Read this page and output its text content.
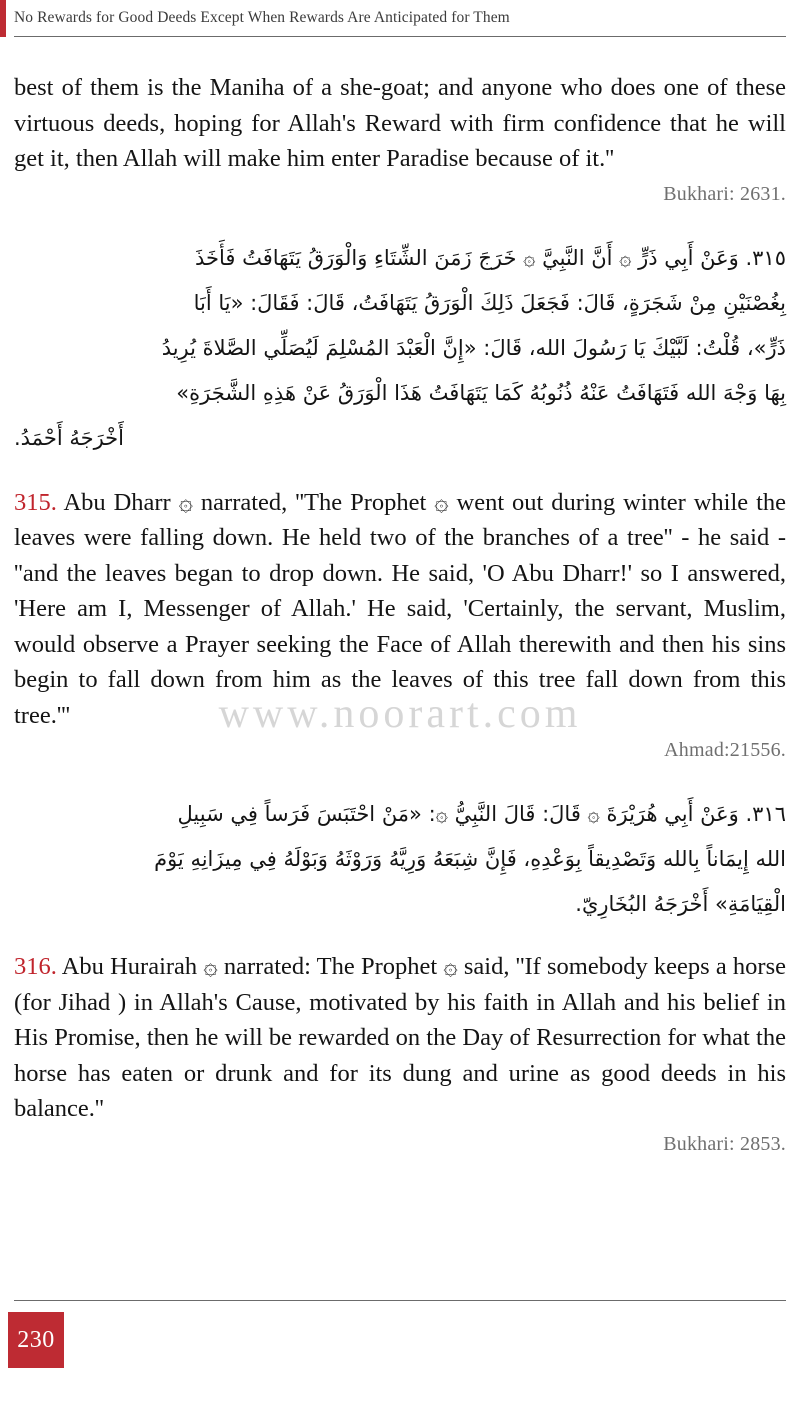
No Rewards for Good Deeds Except When Rewards Are Anticipated for Them

best of them is the Maniha of a she-goat; and anyone who does one of these virtuous deeds, hoping for Allah's Reward with firm confidence that he will get it, then Allah will make him enter Paradise because of it.''

Bukhari: 2631.

٣١٥. وَعَنْ أَبِي ذَرٍّ ۞ أَنَّ النَّبِيَّ ۞ خَرَجَ زَمَنَ الشِّتَاءِ وَالْوَرَقُ يَتَهَافَتُ فَأَخَذَ
بِغُصْنَيْنِ مِنْ شَجَرَةٍ، قَالَ: فَجَعَلَ ذَلِكَ الْوَرَقُ يَتَهَافَتُ، قَالَ: فَقَالَ: «يَا أَبَا
ذَرٍّ»، قُلْتُ: لَبَّيْكَ يَا رَسُولَ الله، قَالَ: «إِنَّ الْعَبْدَ المُسْلِمَ لَيُصَلِّي الصَّلاةَ يُرِيدُ
بِهَا وَجْهَ الله فَتَهَافَتُ عَنْهُ ذُنُوبُهُ كَمَا يَتَهَافَتُ هَذَا الْوَرَقُ عَنْ هَذِهِ الشَّجَرَةِ»
أَخْرَجَهُ أَحْمَدُ.

315. Abu Dharr ۞ narrated, ''The Prophet ۞ went out during winter while the leaves were falling down. He held two of the branches of a tree'' - he said - ''and the leaves began to drop down. He said, 'O Abu Dharr!' so I answered, 'Here am I, Messenger of Allah.' He said, 'Certainly, the servant, Muslim, would observe a Prayer seeking the Face of Allah therewith and then his sins begin to fall down from him as the leaves of this tree fall down from this tree.'''

Ahmad:21556.

٣١٦. وَعَنْ أَبِي هُرَيْرَةَ ۞ قَالَ: قَالَ النَّبِيُّ ۞: «مَنْ احْتَبَسَ فَرَساً فِي سَبِيلِ
الله إِيمَاناً بِالله وَتَصْدِيقاً بِوَعْدِهِ، فَإِنَّ شِبَعَهُ وَرِيَّهُ وَرَوْثَهُ وَبَوْلَهُ فِي مِيزَانِهِ يَوْمَ
الْقِيَامَةِ» أَخْرَجَهُ البُخَارِيّ.

316. Abu Hurairah ۞ narrated: The Prophet ۞ said, ''If somebody keeps a horse (for Jihad ) in Allah's Cause, motivated by his faith in Allah and his belief in His Promise, then he will be rewarded on the Day of Resurrection for what the horse has eaten or drunk and for its dung and urine as good deeds in his balance.''

Bukhari: 2853.

www.noorart.com
230
